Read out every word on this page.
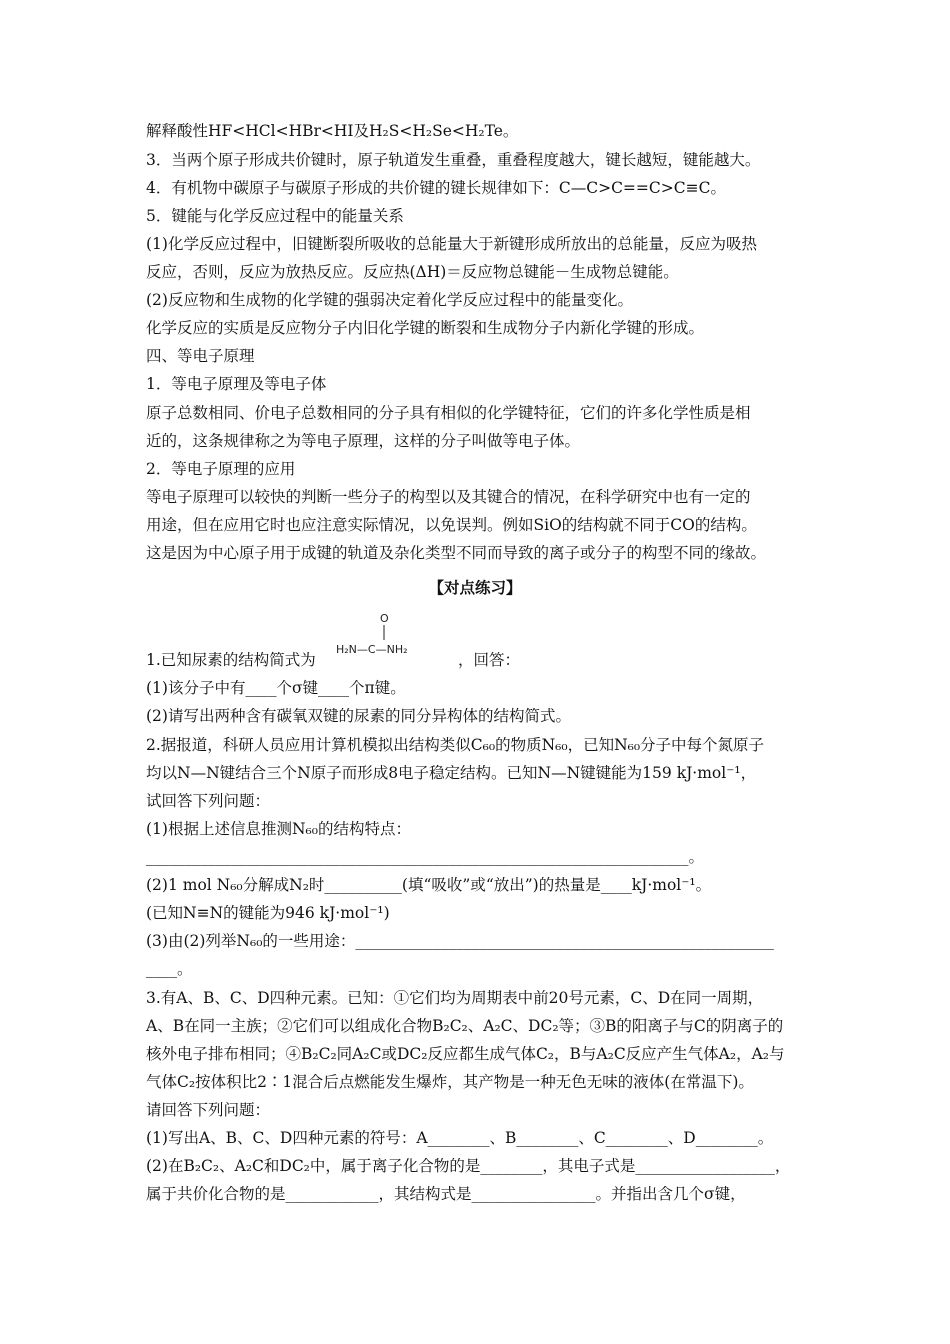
解释酸性HF<HCl<HBr<HI及H₂S<H₂Se<H₂Te。
3．当两个原子形成共价键时，原子轨道发生重叠，重叠程度越大，键长越短，键能越大。
4．有机物中碳原子与碳原子形成的共价键的键长规律如下：C—C>C==C>C≡C。
5．键能与化学反应过程中的能量关系
(1)化学反应过程中，旧键断裂所吸收的总能量大于新键形成所放出的总能量，反应为吸热
反应，否则，反应为放热反应。反应热(ΔH)＝反应物总键能－生成物总键能。
(2)反应物和生成物的化学键的强弱决定着化学反应过程中的能量变化。
化学反应的实质是反应物分子内旧化学键的断裂和生成物分子内新化学键的形成。
四、等电子原理
1．等电子原理及等电子体
原子总数相同、价电子总数相同的分子具有相似的化学键特征，它们的许多化学性质是相
近的，这条规律称之为等电子原理，这样的分子叫做等电子体。
2．等电子原理的应用
等电子原理可以较快的判断一些分子的构型以及其键合的情况，在科学研究中也有一定的
用途，但在应用它时也应注意实际情况，以免误判。例如SiO的结构就不同于CO的结构。
这是因为中心原子用于成键的轨道及杂化类型不同而导致的离子或分子的构型不同的缘故。
【对点练习】
O
H₂N—C—NH₂
1.已知尿素的结构简式为	，回答：
(1)该分子中有____个σ键____个π键。
(2)请写出两种含有碳氧双键的尿素的同分异构体的结构简式。
2.据报道，科研人员应用计算机模拟出结构类似C₆₀的物质N₆₀，已知N₆₀分子中每个氮原子
均以N—N键结合三个N原子而形成8电子稳定结构。已知N—N键键能为159 kJ·mol⁻¹，
试回答下列问题：
(1)根据上述信息推测N₆₀的结构特点：
______________________________________________________________________。
(2)1 mol N₆₀分解成N₂时__________(填“吸收”或“放出”)的热量是____kJ·mol⁻¹。
(已知N≡N的键能为946 kJ·mol⁻¹)
(3)由(2)列举N₆₀的一些用途：______________________________________________________
____。
3.有A、B、C、D四种元素。已知：①它们均为周期表中前20号元素，C、D在同一周期，
A、B在同一主族；②它们可以组成化合物B₂C₂、A₂C、DC₂等；③B的阳离子与C的阴离子的
核外电子排布相同；④B₂C₂同A₂C或DC₂反应都生成气体C₂，B与A₂C反应产生气体A₂，A₂与
气体C₂按体积比2∶1混合后点燃能发生爆炸，其产物是一种无色无味的液体(在常温下)。
请回答下列问题：
(1)写出A、B、C、D四种元素的符号：A________、B________、C________、D________。
(2)在B₂C₂、A₂C和DC₂中，属于离子化合物的是________，其电子式是__________________，
属于共价化合物的是____________，其结构式是________________。并指出含几个σ键，
